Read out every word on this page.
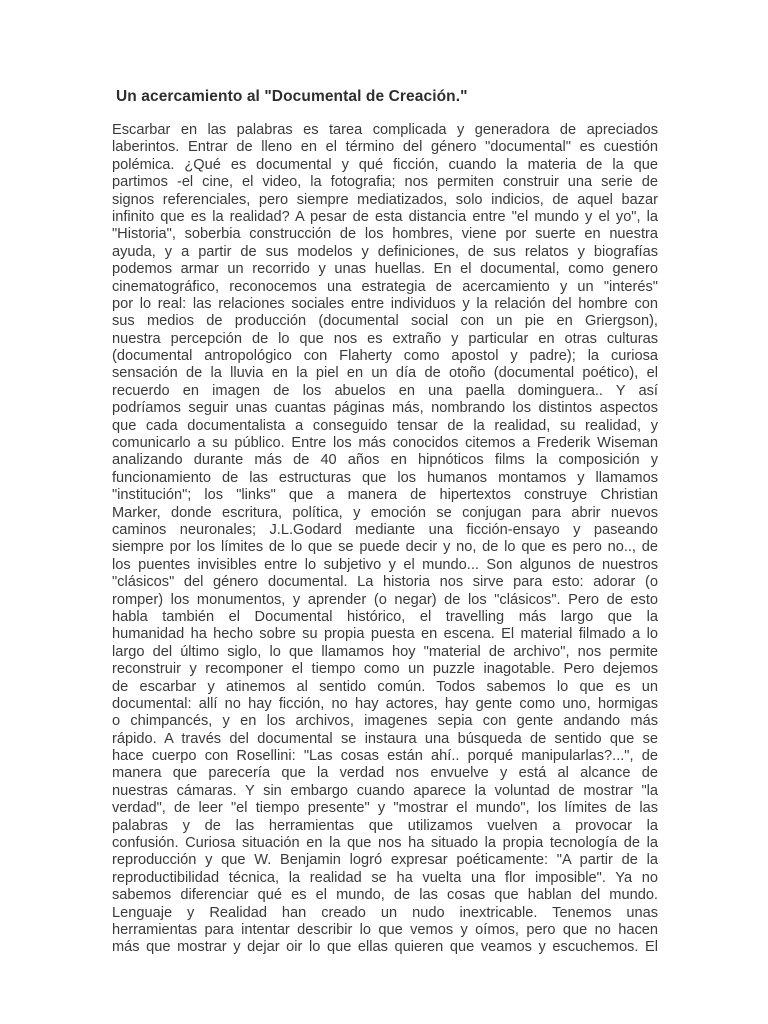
Un acercamiento al "Documental de Creación."
Escarbar en las palabras es tarea complicada y generadora de apreciados
laberintos. Entrar de lleno en el término del género "documental" es cuestión
polémica. ¿Qué es documental y qué ficción, cuando la materia de la que
partimos -el cine, el video, la fotografia; nos permiten construir una serie de
signos referenciales, pero siempre mediatizados, solo indicios, de aquel bazar
infinito que es la realidad? A pesar de esta distancia entre "el mundo y el yo", la
"Historia", soberbia construcción de los hombres, viene por suerte en nuestra
ayuda, y a partir de sus modelos y definiciones, de sus relatos y biografías
podemos armar un recorrido y unas huellas. En el documental, como genero
cinematográfico, reconocemos una estrategia de acercamiento y un "interés"
por lo real: las relaciones sociales entre individuos y la relación del hombre con
sus medios de producción (documental social con un pie en Griergson),
nuestra percepción de lo que nos es extraño y particular en otras culturas
(documental antropológico con Flaherty como apostol y padre); la curiosa
sensación de la lluvia en la piel en un día de otoño (documental poético), el
recuerdo en imagen de los abuelos en una paella dominguera.. Y así
podríamos seguir unas cuantas páginas más, nombrando los distintos aspectos
que cada documentalista a conseguido tensar de la realidad, su realidad, y
comunicarlo a su público. Entre los más conocidos citemos a Frederik Wiseman
analizando durante más de 40 años en hipnóticos films la composición y
funcionamiento de las estructuras que los humanos montamos y llamamos
"institución"; los "links" que a manera de hipertextos construye Christian
Marker, donde escritura, política, y emoción se conjugan para abrir nuevos
caminos neuronales; J.L.Godard mediante una ficción-ensayo y paseando
siempre por los límites de lo que se puede decir y no, de lo que es pero no.., de
los puentes invisibles entre lo subjetivo y el mundo... Son algunos de nuestros
"clásicos" del género documental. La historia nos sirve para esto: adorar (o
romper) los monumentos, y aprender (o negar) de los "clásicos". Pero de esto
habla también el Documental histórico, el travelling más largo que la
humanidad ha hecho sobre su propia puesta en escena. El material filmado a lo
largo del último siglo, lo que llamamos hoy "material de archivo", nos permite
reconstruir y recomponer el tiempo como un puzzle inagotable. Pero dejemos
de escarbar y atinemos al sentido común. Todos sabemos lo que es un
documental: allí no hay ficción, no hay actores, hay gente como uno, hormigas
o chimpancés, y en los archivos, imagenes sepia con gente andando más
rápido. A través del documental se instaura una búsqueda de sentido que se
hace cuerpo con Rosellini: "Las cosas están ahí.. porqué manipularlas?...", de
manera que parecería que la verdad nos envuelve y está al alcance de
nuestras cámaras. Y sin embargo cuando aparece la voluntad de mostrar "la
verdad", de leer "el tiempo presente" y "mostrar el mundo", los límites de las
palabras y de las herramientas que utilizamos vuelven a provocar la
confusión. Curiosa situación en la que nos ha situado la propia tecnología de la
reproducción y que W. Benjamin logró expresar poéticamente: "A partir de la
reproductibilidad técnica, la realidad se ha vuelta una flor imposible". Ya no
sabemos diferenciar qué es el mundo, de las cosas que hablan del mundo.
Lenguaje y Realidad han creado un nudo inextricable. Tenemos unas
herramientas para intentar describir lo que vemos y oímos, pero que no hacen
más que mostrar y dejar oir lo que ellas quieren que veamos y escuchemos. El
